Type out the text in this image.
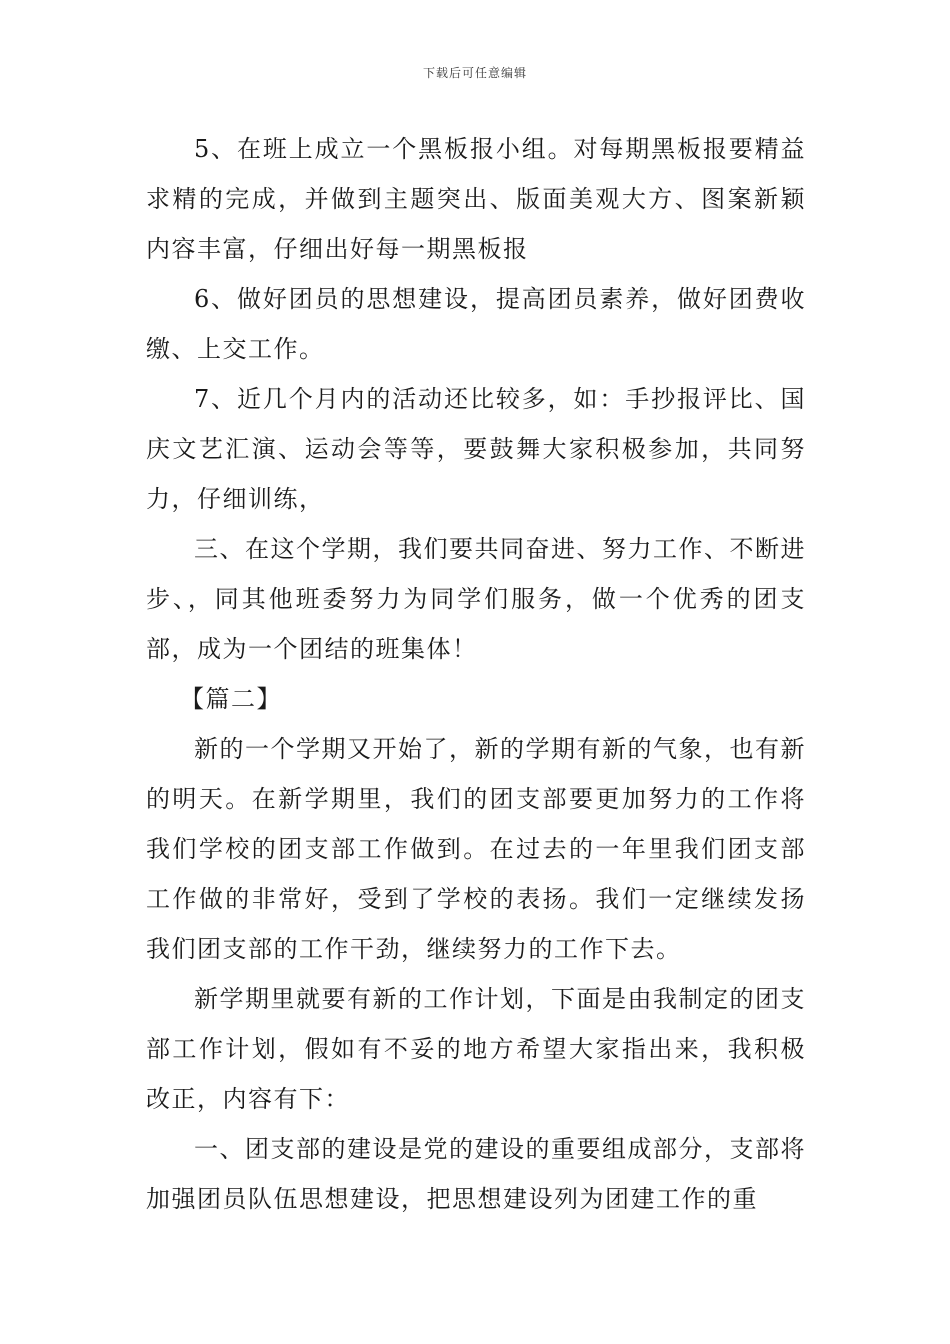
下载后可任意编辑

5、在班上成立一个黑板报小组。对每期黑板报要精益求精的完成，并做到主题突出、版面美观大方、图案新颖内容丰富，仔细出好每一期黑板报

6、做好团员的思想建设，提高团员素养，做好团费收缴、上交工作。

7、近几个月内的活动还比较多，如：手抄报评比、国庆文艺汇演、运动会等等，要鼓舞大家积极参加，共同努力，仔细训练，

三、在这个学期，我们要共同奋进、努力工作、不断进步、，同其他班委努力为同学们服务，做一个优秀的团支部，成为一个团结的班集体！

【篇二】

新的一个学期又开始了，新的学期有新的气象，也有新的明天。在新学期里，我们的团支部要更加努力的工作将我们学校的团支部工作做到。在过去的一年里我们团支部工作做的非常好，受到了学校的表扬。我们一定继续发扬我们团支部的工作干劲，继续努力的工作下去。

新学期里就要有新的工作计划，下面是由我制定的团支部工作计划，假如有不妥的地方希望大家指出来，我积极改正，内容有下：

一、团支部的建设是党的建设的重要组成部分，支部将加强团员队伍思想建设，把思想建设列为团建工作的重
